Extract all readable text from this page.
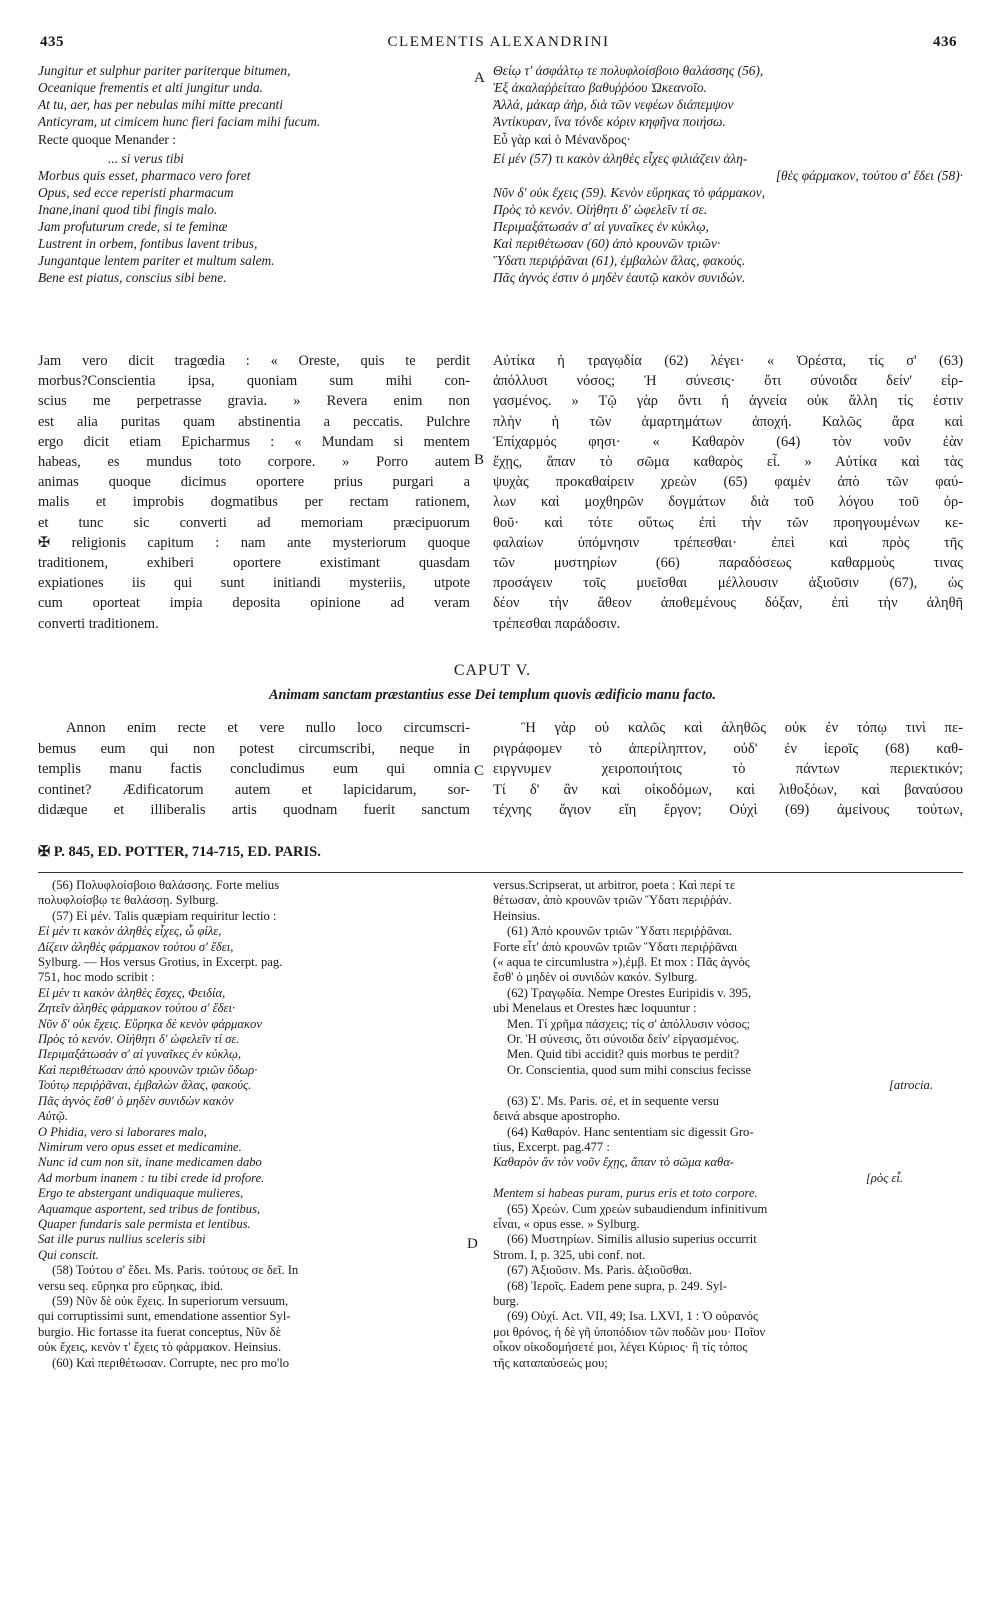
435	CLEMENTIS ALEXANDRINI	436
Jungitur et sulphur pariter pariterque bitumen,
Oceanique frementis et alti jungitur unda.
At tu, aer, has per nebulas mihi mitte precanti
Anticyram, ut cimicem hunc fieri faciam mihi fucum.
Recte quoque Menander :
... si verus tibi
Morbus quis esset, pharmaco vero foret
Opus, sed ecce reperisti pharmacum
Inane,inani quod tibi fingis malo.
Jam profuturum crede, si te feminæ
Lustrent in orbem, fontibus lavent tribus,
Jungantque lentem pariter et multum salem.
Bene est piatus, conscius sibi bene.
Θείῳ τ' ἀσφάλτῳ τε πολυφλοίσβοιο θαλάσσης (56),
Ἐξ ἀκαλαῤῥείταο βαθυῤῥόου Ὠκεανοῖο.
Ἀλλά, μάκαρ ἀὴρ, διὰ τῶν νεφέων διάπεμψον
Ἀντίκυραν, ἵνα τόνδε κόριν κηφῆνα ποιήσω.
Εὖ γὰρ καὶ ὁ Μένανδρος·
Εἰ μέν (57) τι κακὸν ἀληθὲς εἶχες φιλιάζειν ἀλη-
[θὲς φάρμακον, τούτου σ' ἔδει (58)·
Νῦν δ' οὐκ ἔχεις (59). Κενὸν εὕρηκας τὸ φάρμακον,
Πρὸς τὸ κενόν. Οἰήθητι δ' ὠφελεῖν τί σε.
Περιμαξάτωσάν σ' αἱ γυναῖκες ἐν κύκλῳ,
Καὶ περιθέτωσαν (60) ἀπὸ κρουνῶν τριῶν·
Ὕδατι περιῤῥᾶναι (61), ἐμβαλὼν ἅλας, φακούς.
Πᾶς ἁγνός ἐστιν ὁ μηδὲν ἑαυτῷ κακὸν συνιδών.
Jam vero dicit tragœdia : « Oreste, quis te perdit
morbus?Conscientia ipsa, quoniam sum mihi con-
scius me perpetrasse gravia. » Revera enim non
est alia puritas quam abstinentia a peccatis. Pulchre
ergo dicit etiam Epicharmus : « Mundam si mentem
habeas, es mundus toto corpore. » Porro autem
animas quoque dicimus oportere prius purgari a
malis et improbis dogmatibus per rectam rationem,
et tunc sic converti ad memoriam præcipuorum
✠ religionis capitum : nam ante mysteriorum quoque
traditionem, exhiberi oportere existimant quasdam
expiationes iis qui sunt initiandi mysteriis, utpote
cum oporteat impia deposita opinione ad veram
converti traditionem.
Αὐτίκα ἡ τραγῳδία (62) λέγει· « Ὀρέστα, τίς σ' (63)
ἀπόλλυσι νόσος; Ἡ σύνεσις· ὅτι σύνοιδα δείν' εἰρ-
γασμένος. » Τῷ γὰρ ὄντι ἡ ἁγνεία οὐκ ἄλλη τίς ἐστιν
πλὴν ἡ τῶν ἁμαρτημάτων ἀποχή. Καλῶς ἄρα καὶ
Ἐπίχαρμός φησι· « Καθαρὸν (64) τὸν νοῦν ἐὰν
ἔχῃς, ἅπαν τὸ σῶμα καθαρὸς εἶ. » Αὐτίκα καὶ τὰς
ψυχὰς προκαθαίρειν χρεὼν (65) φαμὲν ἀπὸ τῶν φαύ-
λων καὶ μοχθηρῶν δογμάτων διὰ τοῦ λόγου τοῦ ὀρ-
θοῦ· καὶ τότε οὕτως ἐπὶ τὴν τῶν προηγουμένων κε-
φαλαίων ὑπόμνησιν τρέπεσθαι· ἐπεὶ καὶ πρὸς τῆς
τῶν μυστηρίων (66) παραδόσεως καθαρμοὺς τινας
προσάγειν τοῖς μυεῖσθαι μέλλουσιν ἀξιοῦσιν (67), ὡς
δέον τὴν ἄθεον ἀποθεμένους δόξαν, ἐπὶ τὴν ἀληθῆ
τρέπεσθαι παράδοσιν.
A
B
C
D
CAPUT V.
Animam sanctam præstantius esse Dei templum quovis ædificio manu facto.
Annon enim recte et vere nullo loco circumscri-
bemus eum qui non potest circumscribi, neque in
templis manu factis concludimus eum qui omnia
continet? Ædificatorum autem et lapicidarum, sor-
didæque et illiberalis artis quodnam fuerit sanctum
Ἢ γὰρ οὐ καλῶς καὶ ἀληθῶς οὐκ ἐν τόπῳ τινὶ πε-
ριγράφομεν τὸ ἀπερίληπτον, οὐδ' ἐν ἱεροῖς (68) καθ-
ειργνυμεν χειροποιήτοις τὸ πάντων περιεκτικόν;
Τί δ' ἂν καὶ οἰκοδόμων, καὶ λιθοξόων, καὶ βαναύσου
τέχνης ἅγιον εἴη ἔργον; Οὐχὶ (69) ἀμείνους τούτων,
✠ P. 845, ED. POTTER, 714-715, ED. PARIS.
(56) Πολυφλοίσβοιο θαλάσσης. Forte melius
πολυφλοίσβῳ τε θαλάσσῃ. Sylburg.
(57) Εἰ μέν. Talis quæpiam requiritur lectio :
Εἰ μέν τι κακὸν ἀληθὲς εἶχες, ὦ φίλε,
Δίζειν ἀληθὲς φάρμακον τούτου σ' ἔδει,
Sylburg. — Hos versus Grotius, in Excerpt. pag.
751, hoc modo scribit :
Εἰ μέν τι κακὸν ἀληθὲς ἔσχες, Φειδία,
Ζητεῖν ἀληθὲς φάρμακον τούτου σ' ἔδει·
Νῦν δ' οὐκ ἔχεις. Εὕρηκα δὲ κενὸν φάρμακον
Πρὸς τὸ κενόν. Οἰήθητι δ' ὠφελεῖν τί σε.
Περιμαξάτωσάν σ' αἱ γυναῖκες ἐν κύκλῳ,
Καὶ περιθέτωσαν ἀπὸ κρουνῶν τριῶν ὕδωρ·
Τούτῳ περιῤῥᾶναι, ἐμβαλὼν ἅλας, φακούς.
Πᾶς ἁγνὸς ἔσθ' ὁ μηδὲν συνιδὼν κακὸν
Αὑτῷ.
O Phidia, vero si laborares malo,
Nimirum vero opus esset et medicamine.
Nunc id cum non sit, inane medicamen dabo
Ad morbum inanem : tu tibi crede id profore.
Ergo te abstergant undiquaque mulieres,
Aquamque asportent, sed tribus de fontibus,
Quaper fundaris sale permista et lentibus.
Sat ille purus nullius sceleris sibi
Qui conscit.
(58) Τούτου σ' ἔδει. Ms. Paris. τούτους σε δεῖ. In
versu seq. εὕρηκα pro εὕρηκας, ibid.
(59) Νῦν δὲ οὐκ ἔχεις. In superiorum versuum,
qui corruptissimi sunt, emendatione assentior Syl-
burgio. Hic fortasse ita fuerat conceptus, Νῦν δὲ
οὐκ ἔχεις, κενὸν τ' ἔχεις τὸ φάρμακον. Heinsius.
(60) Καὶ περιθέτωσαν. Corrupte, nec pro mo'lo
versus.Scripserat, ut arbitror, poeta : Καὶ περί τε
θέτωσαν, ἀπὸ κρουνῶν τριῶν Ὕδατι περιῤῥάν.
Heinsius.
(61) Ἀπὸ κρουνῶν τριῶν Ὕδατι περιῤῥᾶναι.
Forte εἶτ' ἀπὸ κρουνῶν τριῶν Ὕδατι περιῤῥᾶναι
(« aqua te circumlustra »),ἐμβ. Et mox : Πᾶς ἁγνὸς
ἔσθ' ὁ μηδὲν οἱ συνιδὼν κακόν. Sylburg.
(62) Τραγῳδία. Nempe Orestes Euripidis v. 395,
ubi Menelaus et Orestes hæc loquuntur :
Men. Τί χρῆμα πάσχεις; τίς σ' ἀπόλλυσιν νόσος;
Or. Ἡ σύνεσις, ὅτι σύνοιδα δείν' εἰργασμένος.
Men. Quid tibi accidit? quis morbus te perdit?
Or. Conscientia, quod sum mihi conscius fecisse
[atrocia.
(63) Σ'. Ms. Paris. σέ, et in sequente versu
δεινά absque apostropho.
(64) Καθαρόν. Hanc sententiam sic digessit Gro-
tius, Excerpt. pag.477 :
Καθαρὸν ἂν τὸν νοῦν ἔχῃς, ἅπαν τὸ σῶμα καθα-
[ρὸς εἶ.
Mentem si habeas puram, purus eris et toto corpore.
(65) Χρεών. Cum χρεὼν subaudiendum infinitivum
εἶναι, « opus esse. » Sylburg.
(66) Μυστηρίων. Similis allusio superius occurrit
Strom. I, p. 325, ubi conf. not.
(67) Ἀξιοῦσιν. Ms. Paris. ἀξιοῦσθαι.
(68) Ἱεροῖς. Eadem pene supra, p. 249. Syl-
burg.
(69) Οὐχί. Act. VII, 49; Isa. LXVI, 1 : Ὁ οὐρανός
μοι θρόνος, ἡ δὲ γῆ ὑποπόδιον τῶν ποδῶν μου· Ποῖον
οἶκον οἰκοδομήσετέ μοι, λέγει Κύριος· ἢ τίς τόπος
τῆς καταπαύσεώς μου;
